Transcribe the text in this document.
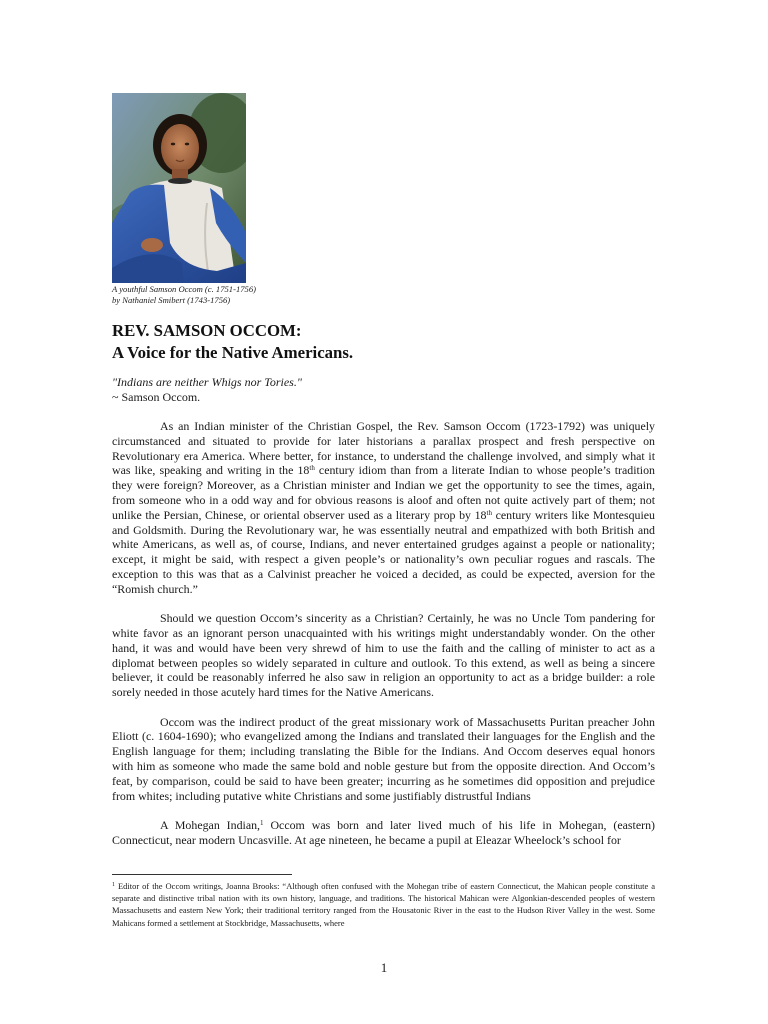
A youthful Samson Occom (c. 1751-1756)
by Nathaniel Smibert (1743-1756)
REV. SAMSON OCCOM:
A Voice for the Native Americans.
"Indians are neither Whigs nor Tories."
~ Samson Occom.

As an Indian minister of the Christian Gospel, the Rev. Samson Occom (1723-1792) was uniquely circumstanced and situated to provide for later historians a parallax prospect and fresh perspective on Revolutionary era America. Where better, for instance, to understand the challenge involved, and simply what it was like, speaking and writing in the 18th century idiom than from a literate Indian to whose people’s tradition they were foreign? Moreover, as a Christian minister and Indian we get the opportunity to see the times, again, from someone who in a odd way and for obvious reasons is aloof and often not quite actively part of them; not unlike the Persian, Chinese, or oriental observer used as a literary prop by 18th century writers like Montesquieu and Goldsmith. During the Revolutionary war, he was essentially neutral and empathized with both British and white Americans, as well as, of course, Indians, and never entertained grudges against a people or nationality; except, it might be said, with respect a given people’s or nationality’s own peculiar rogues and rascals. The exception to this was that as a Calvinist preacher he voiced a decided, as could be expected, aversion for the “Romish church.”

Should we question Occom’s sincerity as a Christian? Certainly, he was no Uncle Tom pandering for white favor as an ignorant person unacquainted with his writings might understandably wonder. On the other hand, it was and would have been very shrewd of him to use the faith and the calling of minister to act as a diplomat between peoples so widely separated in culture and outlook. To this extend, as well as being a sincere believer, it could be reasonably inferred he also saw in religion an opportunity to act as a bridge builder: a role sorely needed in those acutely hard times for the Native Americans.

Occom was the indirect product of the great missionary work of Massachusetts Puritan preacher John Eliott (c. 1604-1690); who evangelized among the Indians and translated their languages for the English and the English language for them; including translating the Bible for the Indians. And Occom deserves equal honors with him as someone who made the same bold and noble gesture but from the opposite direction. And Occom’s feat, by comparison, could be said to have been greater; incurring as he sometimes did opposition and prejudice from whites; including putative white Christians and some justifiably distrustful Indians

A Mohegan Indian,$^1$ Occom was born and later lived much of his life in Mohegan, (eastern) Connecticut, near modern Uncasville. At age nineteen, he became a pupil at Eleazar Wheelock’s school for

$^1$ Editor of the Occom writings, Joanna Brooks: “Although often confused with the Mohegan tribe of eastern Connecticut, the Mahican people constitute a separate and distinctive tribal nation with its own history, language, and traditions. The historical Mahican were Algonkian-descended peoples of western Massachusetts and eastern New York; their traditional territory ranged from the Housatonic River in the east to the Hudson River Valley in the west. Some Mahicans formed a settlement at Stockbridge, Massachusetts, where
1
